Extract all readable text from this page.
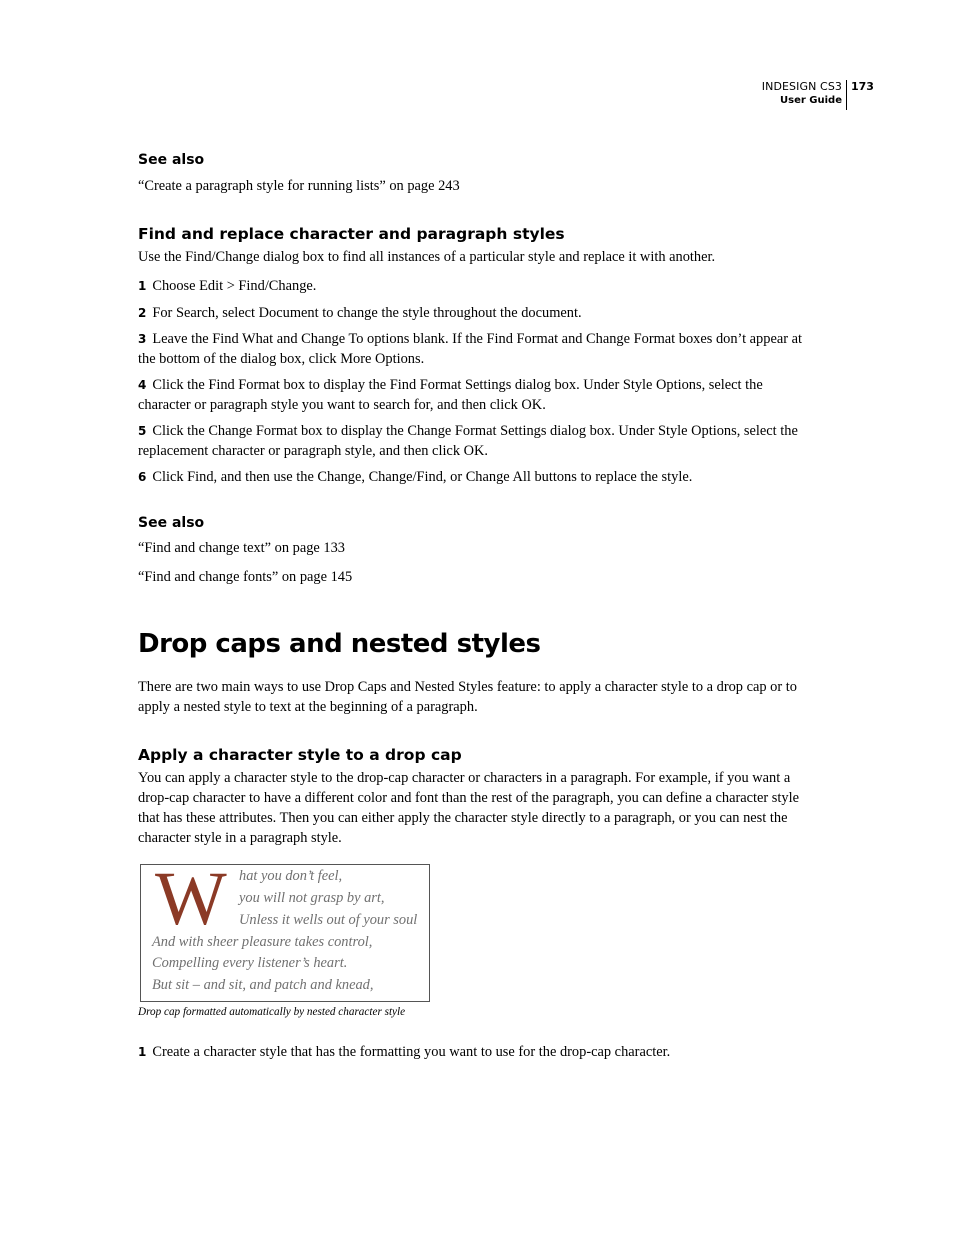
INDESIGN CS3
User Guide
173
See also
“Create a paragraph style for running lists” on page 243
Find and replace character and paragraph styles
Use the Find/Change dialog box to find all instances of a particular style and replace it with another.
1 Choose Edit > Find/Change.
2 For Search, select Document to change the style throughout the document.
3 Leave the Find What and Change To options blank. If the Find Format and Change Format boxes don’t appear at
the bottom of the dialog box, click More Options.
4 Click the Find Format box to display the Find Format Settings dialog box. Under Style Options, select the
character or paragraph style you want to search for, and then click OK.
5 Click the Change Format box to display the Change Format Settings dialog box. Under Style Options, select the
replacement character or paragraph style, and then click OK.
6 Click Find, and then use the Change, Change/Find, or Change All buttons to replace the style.
See also
“Find and change text” on page 133
“Find and change fonts” on page 145
Drop caps and nested styles
There are two main ways to use Drop Caps and Nested Styles feature: to apply a character style to a drop cap or to
apply a nested style to text at the beginning of a paragraph.
Apply a character style to a drop cap
You can apply a character style to the drop-cap character or characters in a paragraph. For example, if you want a
drop-cap character to have a different color and font than the rest of the paragraph, you can define a character style
that has these attributes. Then you can either apply the character style directly to a paragraph, or you can nest the
character style in a paragraph style.
W hat you don’t feel,
you will not grasp by art,
Unless it wells out of your soul
And with sheer pleasure takes control,
Compelling every listener’s heart.
But sit – and sit, and patch and knead,
Drop cap formatted automatically by nested character style
1 Create a character style that has the formatting you want to use for the drop-cap character.
